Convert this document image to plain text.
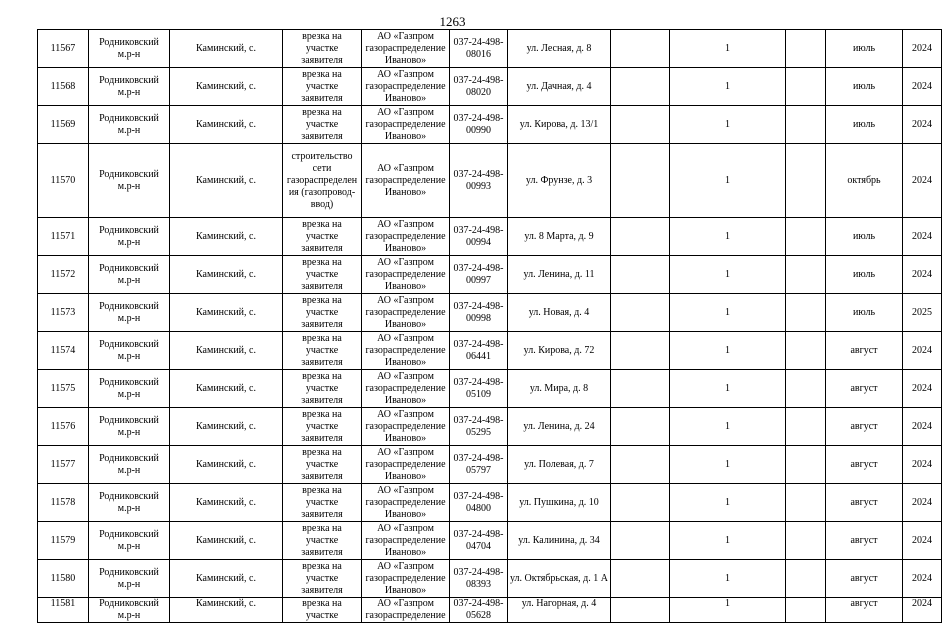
1263
11567	Родниковский м.р-н	Каминский, с.	врезка на участке заявителя	АО «Газпром газораспределение Иваново»	037-24-498-08016	ул. Лесная, д. 8		1		июль	2024
11568	Родниковский м.р-н	Каминский, с.	врезка на участке заявителя	АО «Газпром газораспределение Иваново»	037-24-498-08020	ул. Дачная, д. 4		1		июль	2024
11569	Родниковский м.р-н	Каминский, с.	врезка на участке заявителя	АО «Газпром газораспределение Иваново»	037-24-498-00990	ул. Кирова, д. 13/1		1		июль	2024
11570	Родниковский м.р-н	Каминский, с.	строительство сети газораспределения (газопровод-ввод)	АО «Газпром газораспределение Иваново»	037-24-498-00993	ул. Фрунзе, д. 3		1		октябрь	2024
11571	Родниковский м.р-н	Каминский, с.	врезка на участке заявителя	АО «Газпром газораспределение Иваново»	037-24-498-00994	ул. 8 Марта, д. 9		1		июль	2024
11572	Родниковский м.р-н	Каминский, с.	врезка на участке заявителя	АО «Газпром газораспределение Иваново»	037-24-498-00997	ул. Ленина, д. 11		1		июль	2024
11573	Родниковский м.р-н	Каминский, с.	врезка на участке заявителя	АО «Газпром газораспределение Иваново»	037-24-498-00998	ул. Новая, д. 4		1		июль	2025
11574	Родниковский м.р-н	Каминский, с.	врезка на участке заявителя	АО «Газпром газораспределение Иваново»	037-24-498-06441	ул. Кирова, д. 72		1		август	2024
11575	Родниковский м.р-н	Каминский, с.	врезка на участке заявителя	АО «Газпром газораспределение Иваново»	037-24-498-05109	ул. Мира, д. 8		1		август	2024
11576	Родниковский м.р-н	Каминский, с.	врезка на участке заявителя	АО «Газпром газораспределение Иваново»	037-24-498-05295	ул. Ленина, д. 24		1		август	2024
11577	Родниковский м.р-н	Каминский, с.	врезка на участке заявителя	АО «Газпром газораспределение Иваново»	037-24-498-05797	ул. Полевая, д. 7		1		август	2024
11578	Родниковский м.р-н	Каминский, с.	врезка на участке заявителя	АО «Газпром газораспределение Иваново»	037-24-498-04800	ул. Пушкина, д. 10		1		август	2024
11579	Родниковский м.р-н	Каминский, с.	врезка на участке заявителя	АО «Газпром газораспределение Иваново»	037-24-498-04704	ул. Калинина, д. 34		1		август	2024
11580	Родниковский м.р-н	Каминский, с.	врезка на участке заявителя	АО «Газпром газораспределение Иваново»	037-24-498-08393	ул. Октябрьская, д. 1 А		1		август	2024
11581	Родниковский м.р-н	Каминский, с.	врезка на участке	АО «Газпром газораспределение	037-24-498-05628	ул. Нагорная, д. 4		1		август	2024
